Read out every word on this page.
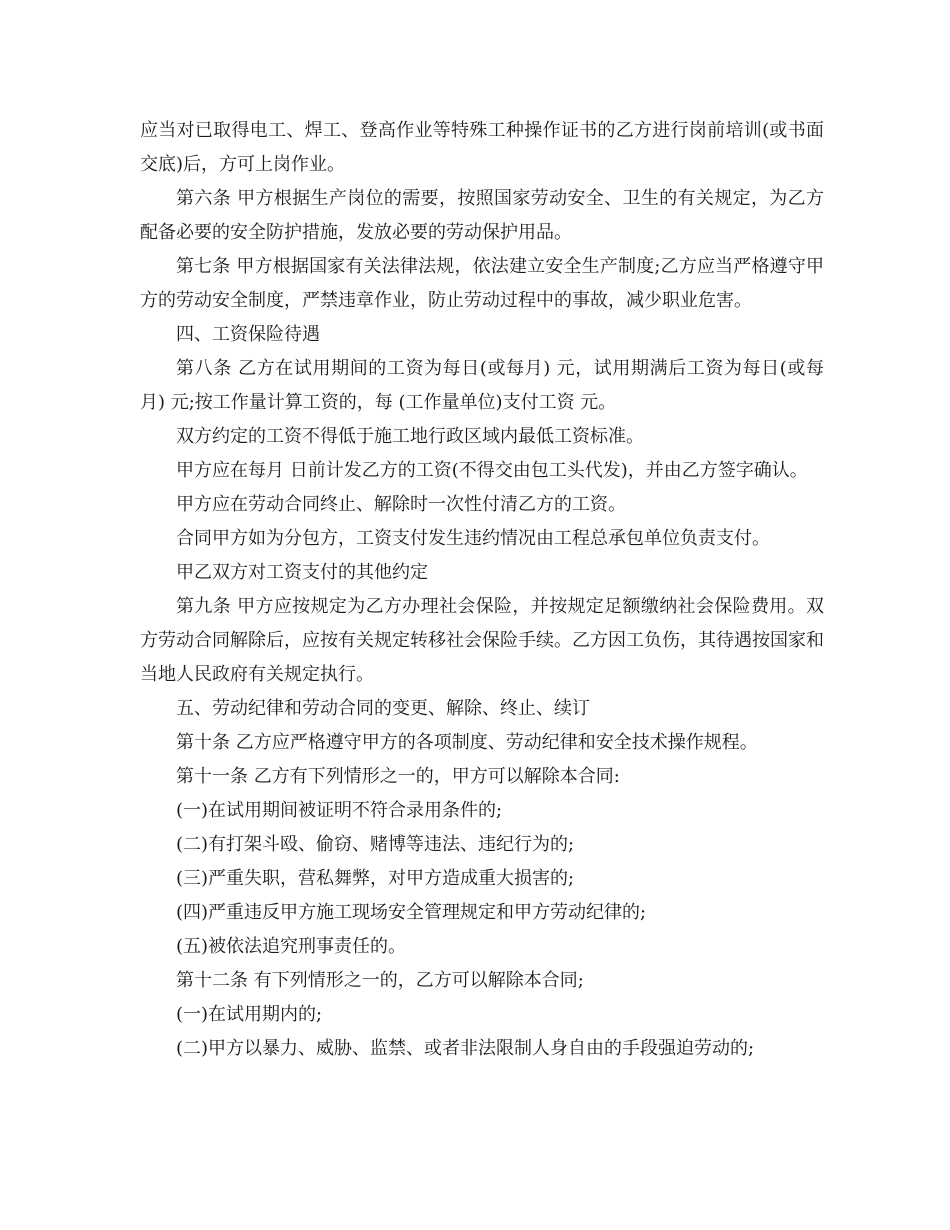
应当对已取得电工、焊工、登高作业等特殊工种操作证书的乙方进行岗前培训(或书面交底)后，方可上岗作业。

第六条 甲方根据生产岗位的需要，按照国家劳动安全、卫生的有关规定，为乙方配备必要的安全防护措施，发放必要的劳动保护用品。

第七条 甲方根据国家有关法律法规，依法建立安全生产制度;乙方应当严格遵守甲方的劳动安全制度，严禁违章作业，防止劳动过程中的事故，减少职业危害。

四、工资保险待遇

第八条 乙方在试用期间的工资为每日(或每月) 元，试用期满后工资为每日(或每月) 元;按工作量计算工资的，每 (工作量单位)支付工资 元。

双方约定的工资不得低于施工地行政区域内最低工资标准。

甲方应在每月 日前计发乙方的工资(不得交由包工头代发)，并由乙方签字确认。

甲方应在劳动合同终止、解除时一次性付清乙方的工资。

合同甲方如为分包方，工资支付发生违约情况由工程总承包单位负责支付。

甲乙双方对工资支付的其他约定

第九条 甲方应按规定为乙方办理社会保险，并按规定足额缴纳社会保险费用。双方劳动合同解除后，应按有关规定转移社会保险手续。乙方因工负伤，其待遇按国家和当地人民政府有关规定执行。

五、劳动纪律和劳动合同的变更、解除、终止、续订

第十条 乙方应严格遵守甲方的各项制度、劳动纪律和安全技术操作规程。

第十一条 乙方有下列情形之一的，甲方可以解除本合同:

(一)在试用期间被证明不符合录用条件的;

(二)有打架斗殴、偷窃、赌博等违法、违纪行为的;

(三)严重失职，营私舞弊，对甲方造成重大损害的;

(四)严重违反甲方施工现场安全管理规定和甲方劳动纪律的;

(五)被依法追究刑事责任的。

第十二条 有下列情形之一的，乙方可以解除本合同;

(一)在试用期内的;

(二)甲方以暴力、威胁、监禁、或者非法限制人身自由的手段强迫劳动的;
